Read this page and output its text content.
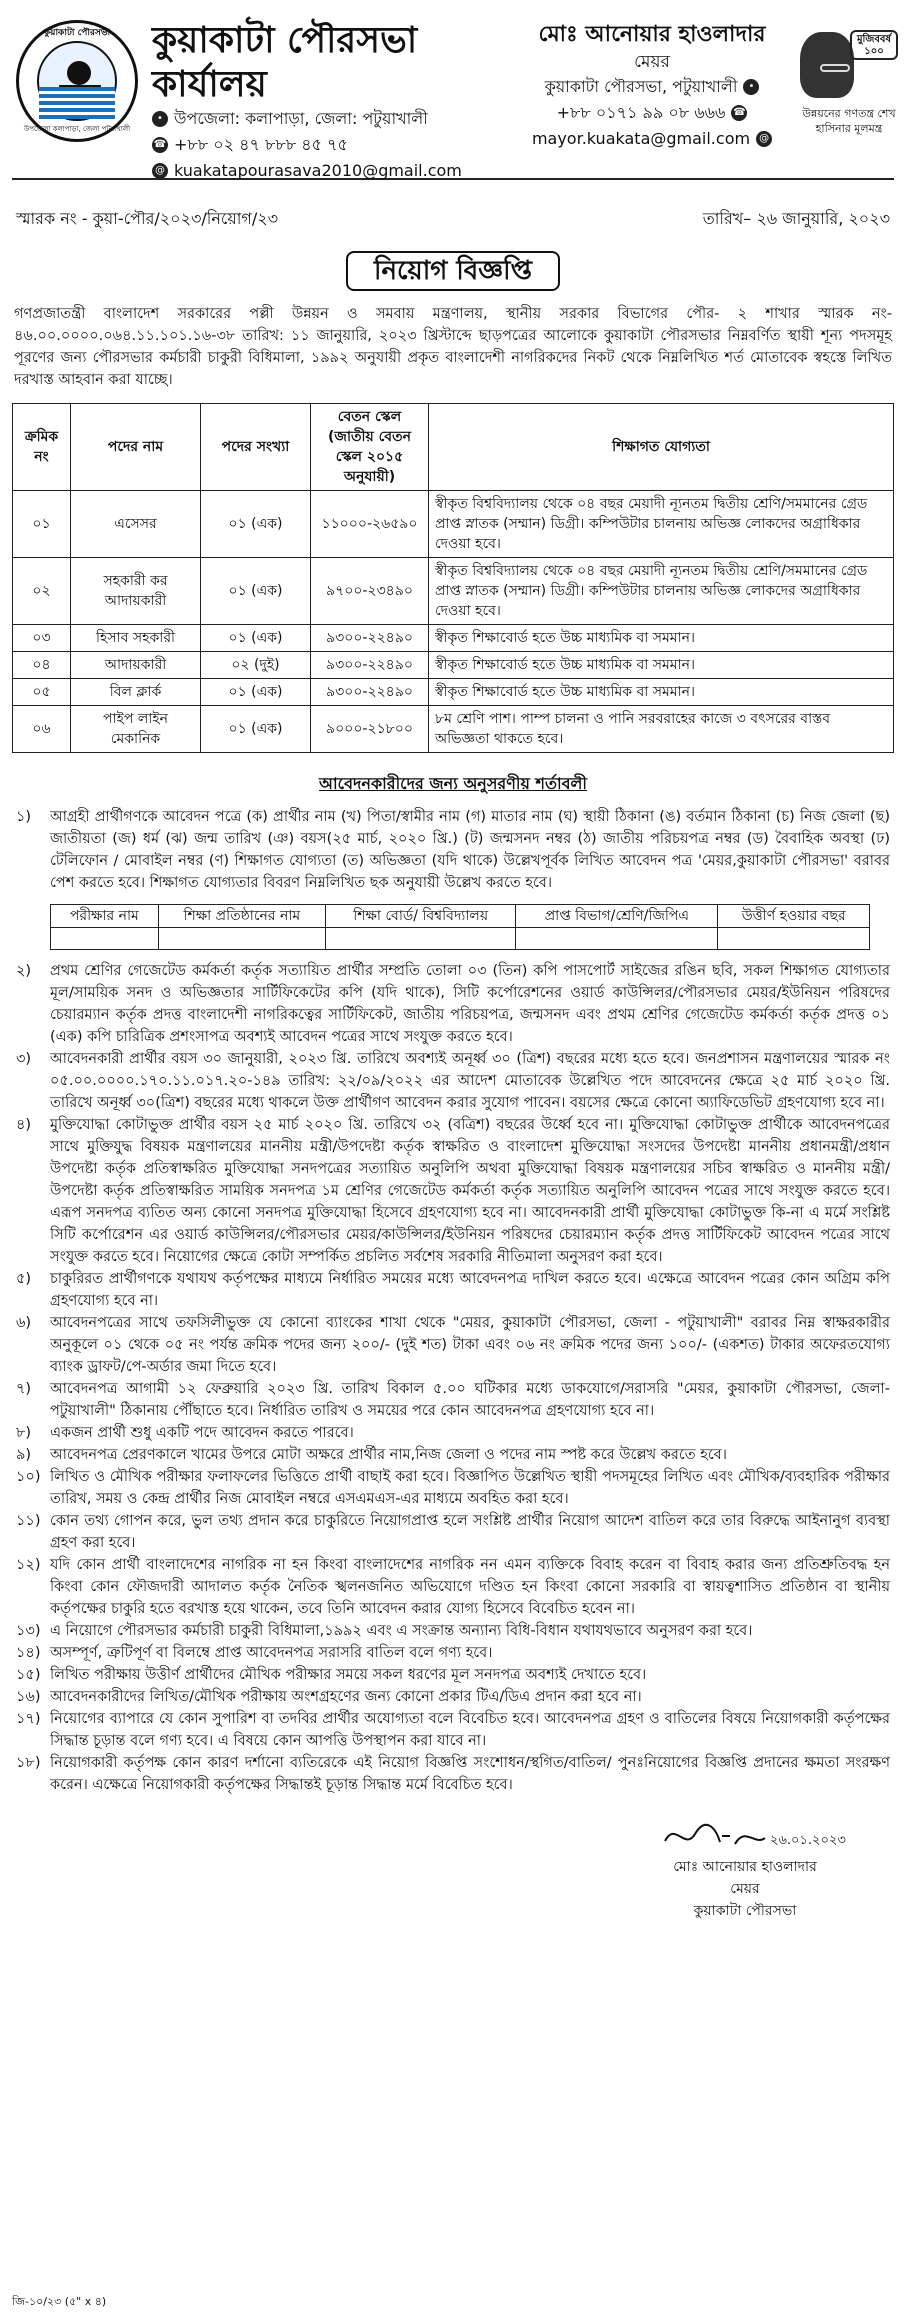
কুয়াকাটা পৌরসভা
উপজেলা কলাপাড়া, জেলা পটুয়াখালী
কুয়াকাটা পৌরসভা কার্যালয়
• উপজেলা: কলাপাড়া, জেলা: পটুয়াখালী
☎ +৮৮ ০২ ৪৭ ৮৮৮ ৪৫ ৭৫
@ kuakatapourasava2010@gmail.com
মোঃ আনোয়ার হাওলাদার
মেয়র
কুয়াকাটা পৌরসভা, পটুয়াখালী	•
+৮৮ ০১৭১ ৯৯ ০৮ ৬৬৬ ☎
mayor.kuakata@gmail.com @
মুজিববর্ষ ১০০
উন্নয়নের গণতন্ত্র শেখ হাসিনার মূলমন্ত্র
স্মারক নং - কুয়া-পৌর/২০২৩/নিয়োগ/২৩	তারিখ– ২৬ জানুয়ারি, ২০২৩
নিয়োগ বিজ্ঞপ্তি

গণপ্রজাতন্ত্রী বাংলাদেশ সরকারের পল্লী উন্নয়ন ও সমবায় মন্ত্রণালয়, স্থানীয় সরকার বিভাগের পৌর- ২ শাখার স্মারক নং- ৪৬.০০.০০০০.০৬৪.১১.১০১.১৬-৩৮ তারিখ: ১১ জানুয়ারি, ২০২৩ খ্রিস্টাব্দে ছাড়পত্রের আলোকে কুয়াকাটা পৌরসভার নিম্নবর্ণিত স্থায়ী শূন্য পদসমূহ পূরণের জন্য পৌরসভার কর্মচারী চাকুরী বিধিমালা, ১৯৯২ অনুযায়ী প্রকৃত বাংলাদেশী নাগরিকদের নিকট থেকে নিম্নলিখিত শর্ত মোতাবেক স্বহস্তে লিখিত দরখাস্ত আহবান করা যাচ্ছে।

ক্রমিক নং	পদের নাম	পদের সংখ্যা	বেতন স্কেল (জাতীয় বেতন স্কেল ২০১৫ অনুযায়ী)	শিক্ষাগত যোগ্যতা
০১	এসেসর	০১ (এক)	১১০০০-২৬৫৯০	স্বীকৃত বিশ্ববিদ্যালয় থেকে ০৪ বছর মেয়াদী ন্যূনতম দ্বিতীয় শ্রেণি/সমমানের গ্রেড প্রাপ্ত স্নাতক (সম্মান) ডিগ্রী। কম্পিউটার চালনায় অভিজ্ঞ লোকদের অগ্রাধিকার দেওয়া হবে।
০২	সহকারী কর আদায়কারী	০১ (এক)	৯৭০০-২৩৪৯০	স্বীকৃত বিশ্ববিদ্যালয় থেকে ০৪ বছর মেয়াদী ন্যূনতম দ্বিতীয় শ্রেণি/সমমানের গ্রেড প্রাপ্ত স্নাতক (সম্মান) ডিগ্রী। কম্পিউটার চালনায় অভিজ্ঞ লোকদের অগ্রাধিকার দেওয়া হবে।
০৩	হিসাব সহকারী	০১ (এক)	৯৩০০-২২৪৯০	স্বীকৃত শিক্ষাবোর্ড হতে উচ্চ মাধ্যমিক বা সমমান।
০৪	আদায়কারী	০২ (দুই)	৯৩০০-২২৪৯০	স্বীকৃত শিক্ষাবোর্ড হতে উচ্চ মাধ্যমিক বা সমমান।
০৫	বিল ক্লার্ক	০১ (এক)	৯৩০০-২২৪৯০	স্বীকৃত শিক্ষাবোর্ড হতে উচ্চ মাধ্যমিক বা সমমান।
০৬	পাইপ লাইন মেকানিক	০১ (এক)	৯০০০-২১৮০০	৮ম শ্রেণি পাশ। পাম্প চালনা ও পানি সরবরাহের কাজে ৩ বৎসরের বাস্তব অভিজ্ঞতা থাকতে হবে।
আবেদনকারীদের জন্য অনুসরণীয় শর্তাবলী
১)	আগ্রহী প্রার্থীগণকে আবেদন পত্রে (ক) প্রার্থীর নাম (খ) পিতা/স্বামীর নাম (গ) মাতার নাম (ঘ) স্থায়ী ঠিকানা (ঙ) বর্তমান ঠিকানা (চ) নিজ জেলা (ছ) জাতীয়তা (জ) ধর্ম (ঝ) জন্ম তারিখ (ঞ) বয়স(২৫ মার্চ, ২০২০ খ্রি.) (ট) জন্মসনদ নম্বর (ঠ) জাতীয় পরিচয়পত্র নম্বর (ড) বৈবাহিক অবস্থা (ঢ) টেলিফোন / মোবাইল নম্বর (ণ) শিক্ষাগত যোগ্যতা (ত) অভিজ্ঞতা (যদি থাকে) উল্লেখপূর্বক লিখিত আবেদন পত্র 'মেয়র,কুয়াকাটা পৌরসভা' বরাবর পেশ করতে হবে। শিক্ষাগত যোগ্যতার বিবরণ নিম্নলিখিত ছক অনুযায়ী উল্লেখ করতে হবে।
পরীক্ষার নাম	শিক্ষা প্রতিষ্ঠানের নাম	শিক্ষা বোর্ড/ বিশ্ববিদ্যালয়	প্রাপ্ত বিভাগ/শ্রেণি/জিপিএ	উত্তীর্ণ হওয়ার বছর

২)	প্রথম শ্রেণির গেজেটেড কর্মকর্তা কর্তৃক সত্যায়িত প্রার্থীর সম্প্রতি তোলা ০৩ (তিন) কপি পাসপোর্ট সাইজের রঙিন ছবি, সকল শিক্ষাগত যোগ্যতার মূল/সাময়িক সনদ ও অভিজ্ঞতার সার্টিফিকেটের কপি (যদি থাকে), সিটি কর্পোরেশনের ওয়ার্ড কাউন্সিলর/পৌরসভার মেয়র/ইউনিয়ন পরিষদের চেয়ারম্যান কর্তৃক প্রদত্ত বাংলাদেশী নাগরিকত্বের সার্টিফিকেট, জাতীয় পরিচয়পত্র, জন্মসনদ এবং প্রথম শ্রেণির গেজেটেড কর্মকর্তা কর্তৃক প্রদত্ত ০১ (এক) কপি চারিত্রিক প্রশংসাপত্র অবশ্যই আবেদন পত্রের সাথে সংযুক্ত করতে হবে।
৩)	আবেদনকারী প্রার্থীর বয়স ৩০ জানুয়ারী, ২০২৩ খ্রি. তারিখে অবশ্যই অনূর্ধ্ব ৩০ (ত্রিশ) বছরের মধ্যে হতে হবে। জনপ্রশাসন মন্ত্রণালয়ের স্মারক নং ০৫.০০.০০০০.১৭০.১১.০১৭.২০-১৪৯ তারিখ: ২২/০৯/২০২২ এর আদেশ মোতাবেক উল্লেখিত পদে আবেদনের ক্ষেত্রে ২৫ মার্চ ২০২০ খ্রি. তারিখে অনূর্ধ্ব ৩০(ত্রিশ) বছরের মধ্যে থাকলে উক্ত প্রার্থীগণ আবেদন করার সুযোগ পাবেন। বয়সের ক্ষেত্রে কোনো অ্যাফিডেভিট গ্রহণযোগ্য হবে না।
৪)	মুক্তিযোদ্ধা কোটাভুক্ত প্রার্থীর বয়স ২৫ মার্চ ২০২০ খ্রি. তারিখে ৩২ (বত্রিশ) বছরের উর্ধ্বে হবে না। মুক্তিযোদ্ধা কোটাভুক্ত প্রার্থীকে আবেদনপত্রের সাথে মুক্তিযুদ্ধ বিষয়ক মন্ত্রণালয়ের মাননীয় মন্ত্রী/উপদেষ্টা কর্তৃক স্বাক্ষরিত ও বাংলাদেশ মুক্তিযোদ্ধা সংসদের উপদেষ্টা মাননীয় প্রধানমন্ত্রী/প্রধান উপদেষ্টা কর্তৃক প্রতিস্বাক্ষরিত মুক্তিযোদ্ধা সনদপত্রের সত্যায়িত অনুলিপি অথবা মুক্তিযোদ্ধা বিষয়ক মন্ত্রণালয়ের সচিব স্বাক্ষরিত ও মাননীয় মন্ত্রী/উপদেষ্টা কর্তৃক প্রতিস্বাক্ষরিত সাময়িক সনদপত্র ১ম শ্রেণির গেজেটেড কর্মকর্তা কর্তৃক সত্যায়িত অনুলিপি আবেদন পত্রের সাথে সংযুক্ত করতে হবে। এরূপ সনদপত্র ব্যতিত অন্য কোনো সনদপত্র মুক্তিযোদ্ধা হিসেবে গ্রহণযোগ্য হবে না। আবেদনকারী প্রার্থী মুক্তিযোদ্ধা কোটাভুক্ত কি-না এ মর্মে সংশ্লিষ্ট সিটি কর্পোরেশন এর ওয়ার্ড কাউন্সিলর/পৌরসভার মেয়র/কাউন্সিলর/ইউনিয়ন পরিষদের চেয়ারম্যান কর্তৃক প্রদত্ত সার্টিফিকেট আবেদন পত্রের সাথে সংযুক্ত করতে হবে। নিয়োগের ক্ষেত্রে কোটা সম্পর্কিত প্রচলিত সর্বশেষ সরকারি নীতিমালা অনুসরণ করা হবে।
৫)	চাকুরিরত প্রার্থীগণকে যথাযথ কর্তৃপক্ষের মাধ্যমে নির্ধারিত সময়ের মধ্যে আবেদনপত্র দাখিল করতে হবে। এক্ষেত্রে আবেদন পত্রের কোন অগ্রিম কপি গ্রহণযোগ্য হবে না।
৬)	আবেদনপত্রের সাথে তফসিলীভুক্ত যে কোনো ব্যাংকের শাখা থেকে "মেয়র, কুয়াকাটা পৌরসভা, জেলা - পটুয়াখালী" বরাবর নিম্ন স্বাক্ষরকারীর অনুকূলে ০১ থেকে ০৫ নং পর্যন্ত ক্রমিক পদের জন্য ২০০/- (দুই শত) টাকা এবং ০৬ নং ক্রমিক পদের জন্য ১০০/- (একশত) টাকার অফেরতযোগ্য ব্যাংক ড্রাফট/পে-অর্ডার জমা দিতে হবে।
৭)	আবেদনপত্র আগামী ১২ ফেব্রুয়ারি ২০২৩ খ্রি. তারিখ বিকাল ৫.০০ ঘটিকার মধ্যে ডাকযোগে/সরাসরি "মেয়র, কুয়াকাটা পৌরসভা, জেলা- পটুয়াখালী" ঠিকানায় পৌঁছাতে হবে। নির্ধারিত তারিখ ও সময়ের পরে কোন আবেদনপত্র গ্রহণযোগ্য হবে না।
৮)	একজন প্রার্থী শুধু একটি পদে আবেদন করতে পারবে।
৯)	আবেদনপত্র প্রেরণকালে খামের উপরে মোটা অক্ষরে প্রার্থীর নাম,নিজ জেলা ও পদের নাম স্পষ্ট করে উল্লেখ করতে হবে।
১০) লিখিত ও মৌখিক পরীক্ষার ফলাফলের ভিত্তিতে প্রার্থী বাছাই করা হবে। বিজ্ঞাপিত উল্লেখিত স্থায়ী পদসমূহের লিখিত এবং মৌখিক/ব্যবহারিক পরীক্ষার তারিখ, সময় ও কেন্দ্র প্রার্থীর নিজ মোবাইল নম্বরে এসএমএস-এর মাধ্যমে অবহিত করা হবে।
১১) কোন তথ্য গোপন করে, ভুল তথ্য প্রদান করে চাকুরিতে নিয়োগপ্রাপ্ত হলে সংশ্লিষ্ট প্রার্থীর নিয়োগ আদেশ বাতিল করে তার বিরুদ্ধে আইনানুগ ব্যবস্থা গ্রহণ করা হবে।
১২) যদি কোন প্রার্থী বাংলাদেশের নাগরিক না হন কিংবা বাংলাদেশের নাগরিক নন এমন ব্যক্তিকে বিবাহ করেন বা বিবাহ করার জন্য প্রতিশ্রুতিবদ্ধ হন কিংবা কোন ফৌজদারী আদালত কর্তৃক নৈতিক স্খলনজনিত অভিযোগে দণ্ডিত হন কিংবা কোনো সরকারি বা স্বায়ত্বশাসিত প্রতিষ্ঠান বা স্থানীয় কর্তৃপক্ষের চাকুরি হতে বরখাস্ত হয়ে থাকেন, তবে তিনি আবেদন করার যোগ্য হিসেবে বিবেচিত হবেন না।
১৩) এ নিয়োগে পৌরসভার কর্মচারী চাকুরী বিধিমালা,১৯৯২ এবং এ সংক্রান্ত অন্যান্য বিধি-বিধান যথাযথভাবে অনুসরণ করা হবে।
১৪) অসম্পূর্ণ, ত্রুটিপূর্ণ বা বিলম্বে প্রাপ্ত আবেদনপত্র সরাসরি বাতিল বলে গণ্য হবে।
১৫) লিখিত পরীক্ষায় উত্তীর্ণ প্রার্থীদের মৌখিক পরীক্ষার সময়ে সকল ধরণের মূল সনদপত্র অবশ্যই দেখাতে হবে।
১৬) আবেদনকারীদের লিখিত/মৌখিক পরীক্ষায় অংশগ্রহণের জন্য কোনো প্রকার টিএ/ডিএ প্রদান করা হবে না।
১৭) নিয়োগের ব্যাপারে যে কোন সুপারিশ বা তদবির প্রার্থীর অযোগ্যতা বলে বিবেচিত হবে। আবেদনপত্র গ্রহণ ও বাতিলের বিষয়ে নিয়োগকারী কর্তৃপক্ষের সিদ্ধান্ত চূড়ান্ত বলে গণ্য হবে। এ বিষয়ে কোন আপত্তি উপস্থাপন করা যাবে না।
১৮) নিয়োগকারী কর্তৃপক্ষ কোন কারণ দর্শানো ব্যতিরেকে এই নিয়োগ বিজ্ঞপ্তি সংশোধন/স্থগিত/বাতিল/ পুনঃনিয়োগের বিজ্ঞপ্তি প্রদানের ক্ষমতা সংরক্ষণ করেন। এক্ষেত্রে নিয়োগকারী কর্তৃপক্ষের সিদ্ধান্তই চূড়ান্ত সিদ্ধান্ত মর্মে বিবেচিত হবে।
২৬.০১.২০২৩
মোঃ আনোয়ার হাওলাদার
মেয়র
কুয়াকাটা পৌরসভা
জি-১০/২৩ (৫" x ৪)
